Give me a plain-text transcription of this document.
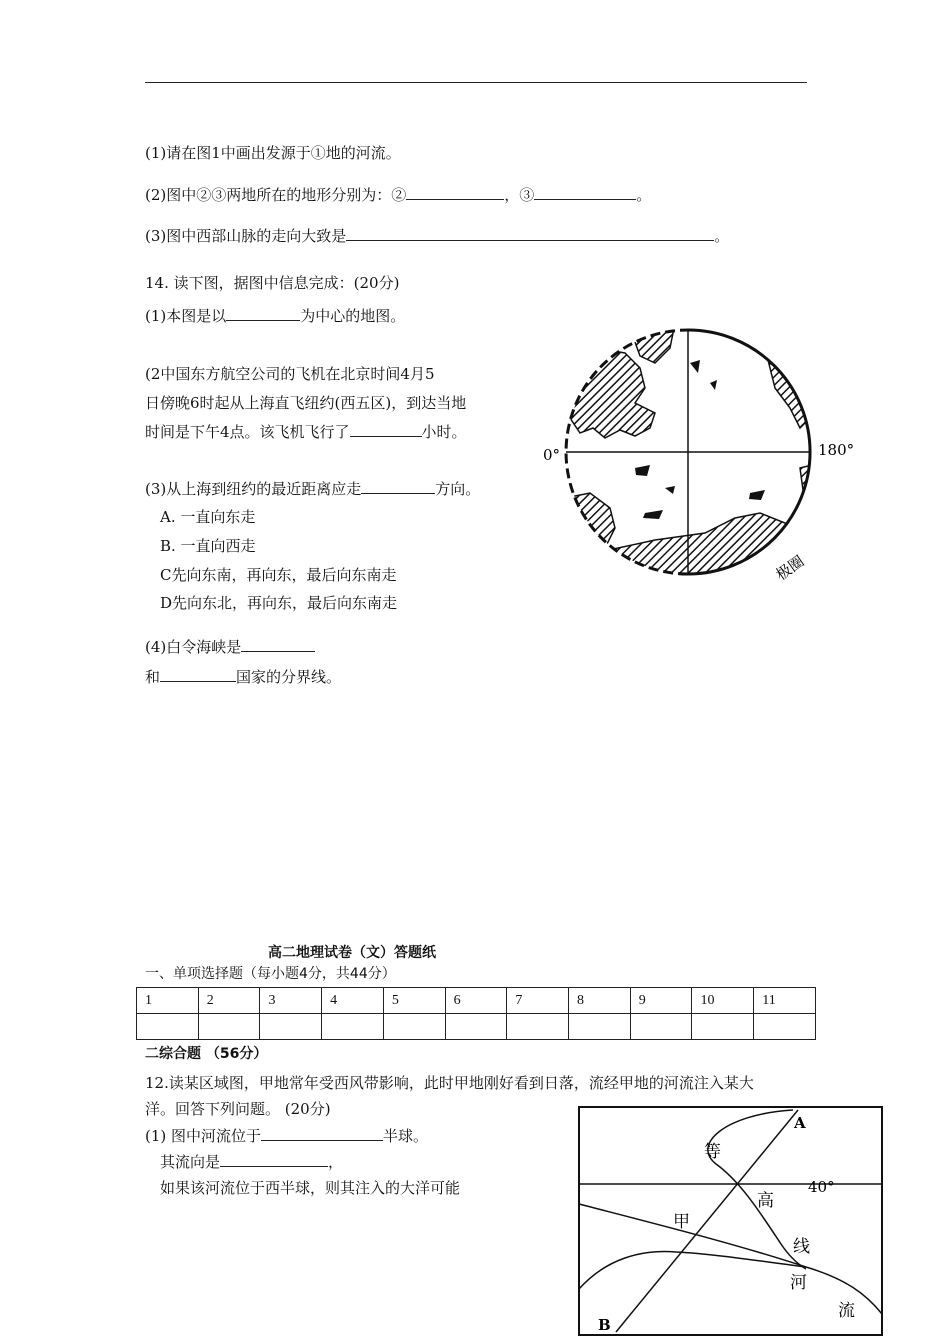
(1)请在图1中画出发源于①地的河流。
(2)图中②③两地所在的地形分别为：②	，③	。
(3)图中西部山脉的走向大致是	。
14. 读下图，据图中信息完成：(20分)
(1)本图是以	为中心的地图。
(2中国东方航空公司的飞机在北京时间4月5
日傍晚6时起从上海直飞纽约(西五区)，到达当地
时间是下午4点。该飞机飞行了	小时。
(3)从上海到纽约的最近距离应走	方向。
A. 一直向东走
B. 一直向西走
C先向东南，再向东，最后向东南走
D先向东北，再向东，最后向东南走
(4)白令海峡是
和	国家的分界线。
0°	180°
极圈
高二地理试卷（文）答题纸
一、单项选择题（每小题4分，共44分）
1	2	3	4	5	6	7	8	9	10	11

二综合题 （56分）
12.读某区域图，甲地常年受西风带影响，此时甲地刚好看到日落，流经甲地的河流注入某大
洋。回答下列问题。 (20分)
(1) 图中河流位于	半球。
其流向是	，
如果该河流位于西半球，则其注入的大洋可能
A
B
40°
甲
等
高
线
河
流
